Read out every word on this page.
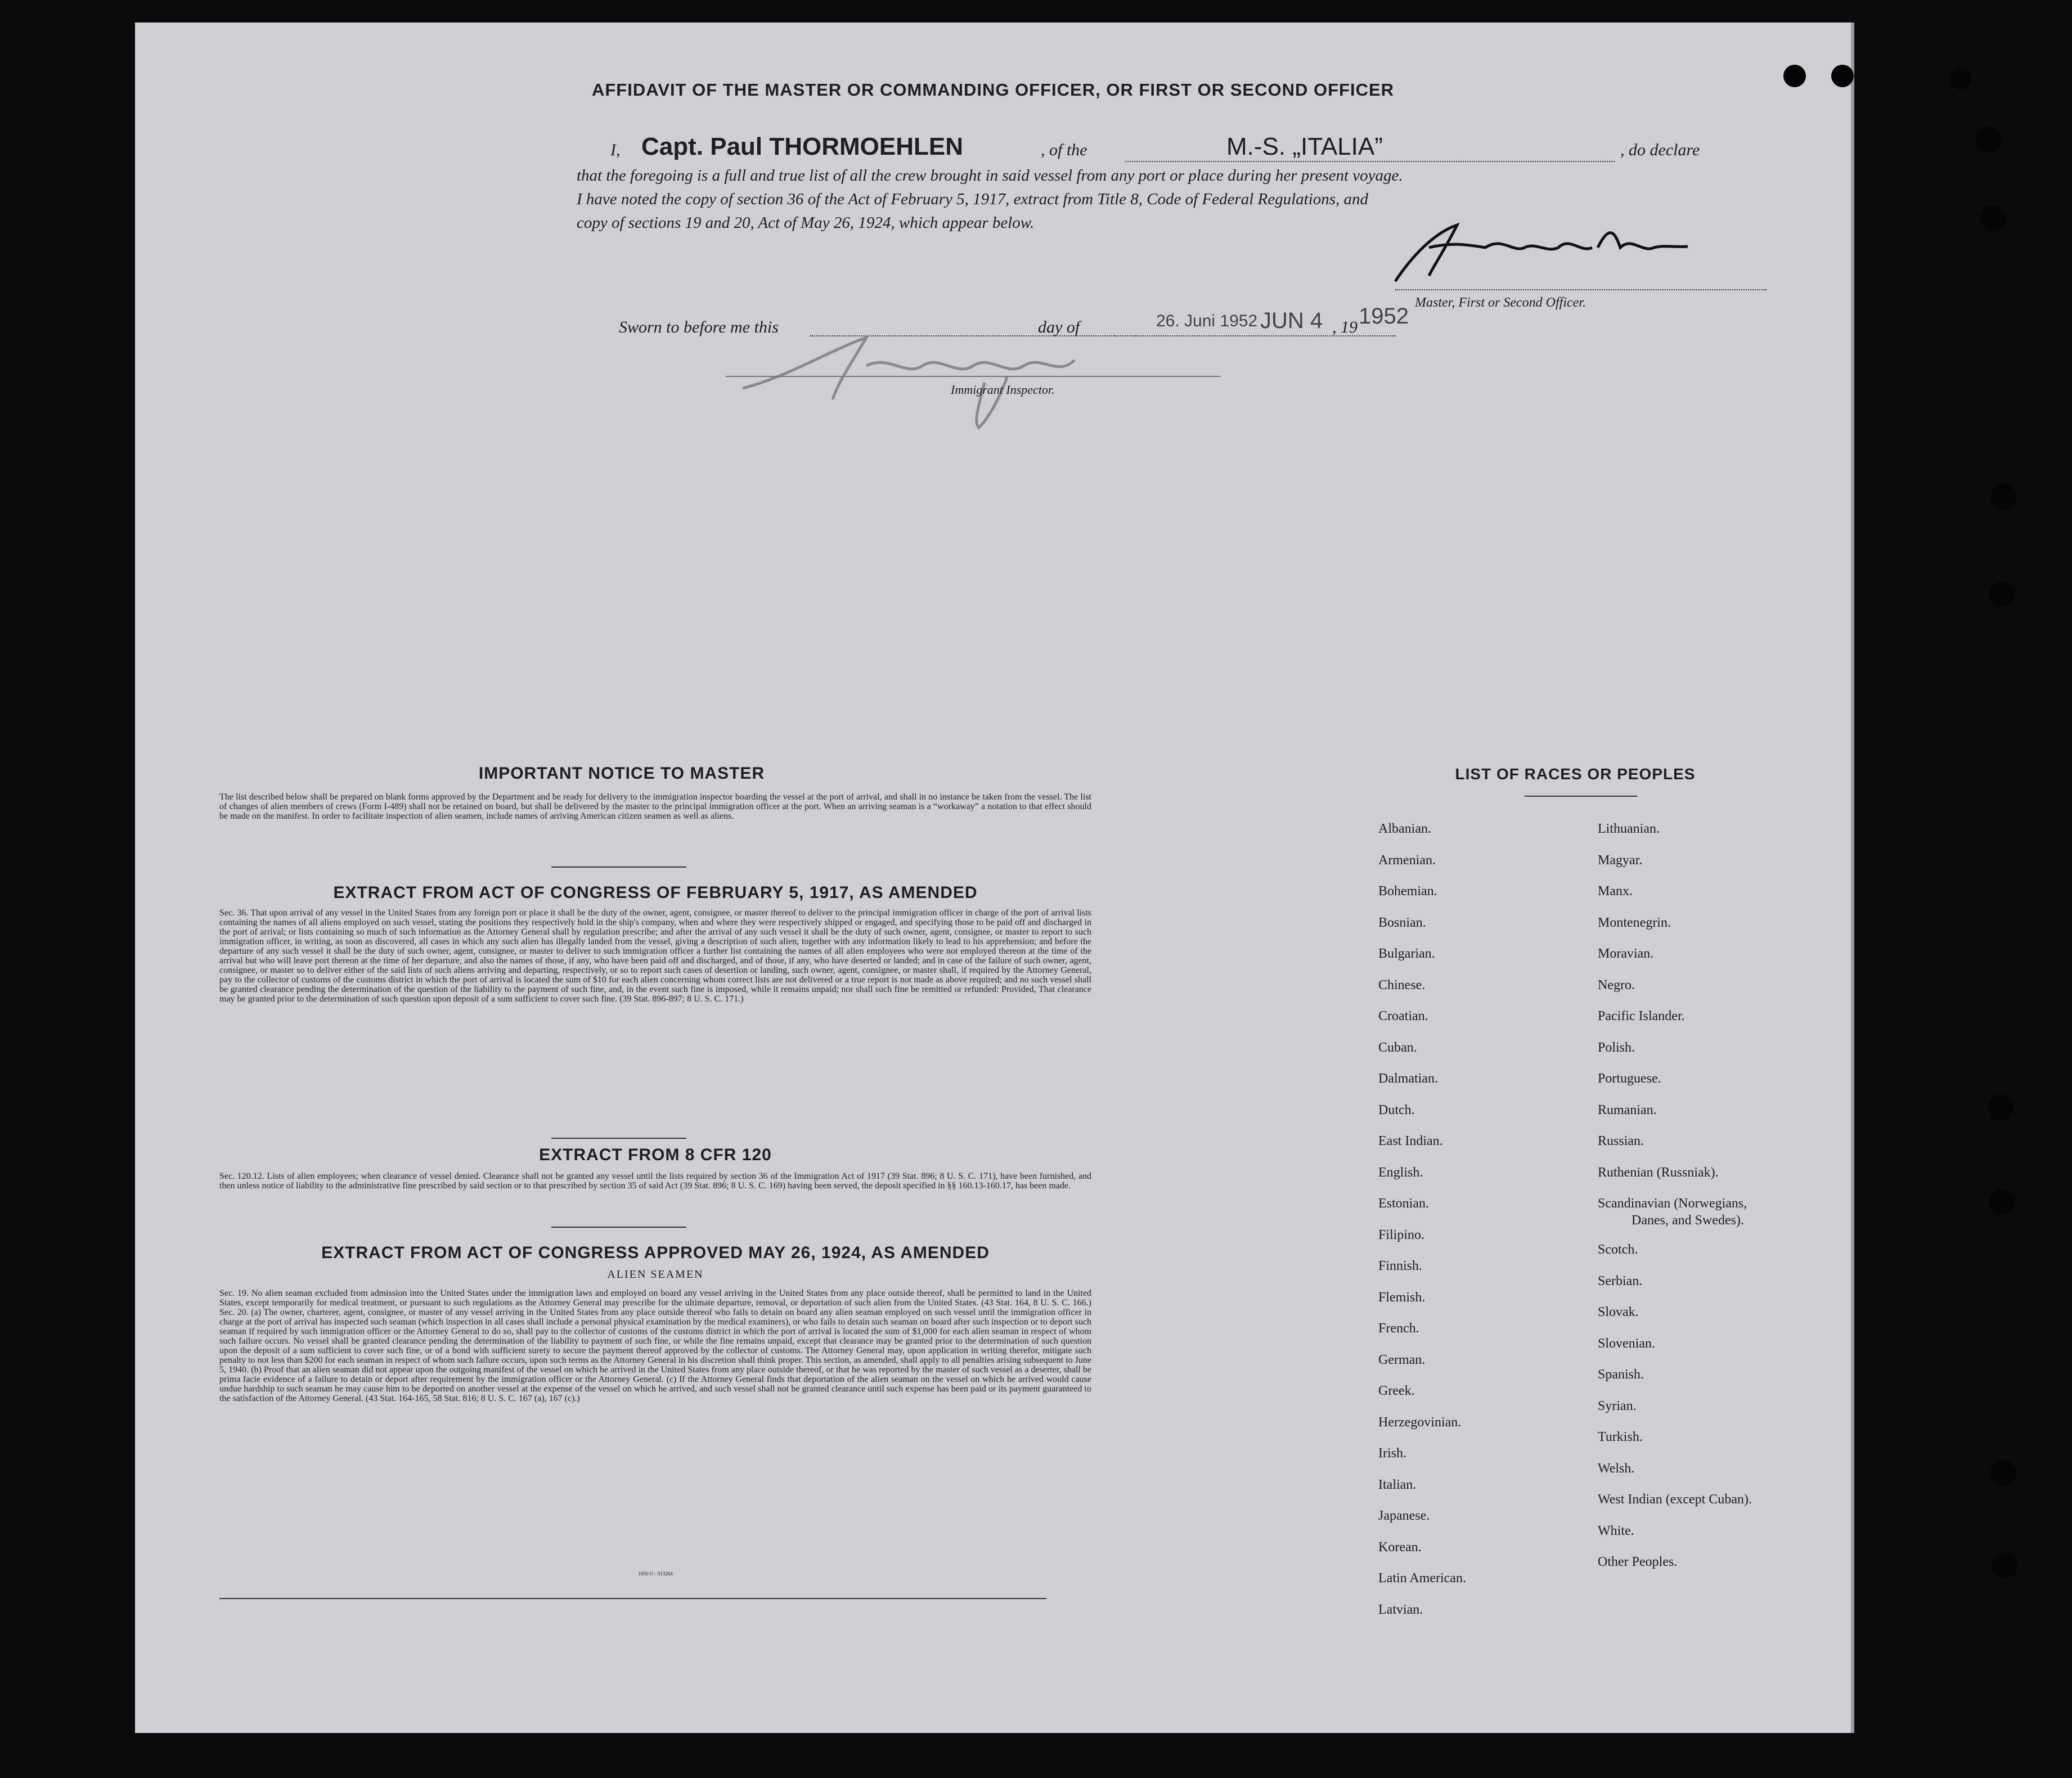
AFFIDAVIT OF THE MASTER OR COMMANDING OFFICER, OR FIRST OR SECOND OFFICER
I, Capt. Paul THORMOEHLEN	, of the	M.-S. „ITALIA”	, do declare
that the foregoing is a full and true list of all the crew brought in said vessel from any port or place during her present voyage.
I have noted the copy of section 36 of the Act of February 5, 1917, extract from Title 8, Code of Federal Regulations, and
copy of sections 19 and 20, Act of May 26, 1924, which appear below.
Master, First or Second Officer.
Sworn to before me this	day of	26. Juni 1952 JUN 4 , 19 1952
Immigrant Inspector.
IMPORTANT NOTICE TO MASTER
The list described below shall be prepared on blank forms approved by the Department and be ready for delivery to the immigration inspector boarding the vessel at the port of arrival, and shall in no instance be taken from the vessel. The list of changes of alien members of crews (Form I-489) shall not be retained on board, but shall be delivered by the master to the principal immigration officer at the port. When an arriving seaman is a “workaway” a notation to that effect should be made on the manifest. In order to facilitate inspection of alien seamen, include names of arriving American citizen seamen as well as aliens.
EXTRACT FROM ACT OF CONGRESS OF FEBRUARY 5, 1917, AS AMENDED
Sec. 36. That upon arrival of any vessel in the United States from any foreign port or place it shall be the duty of the owner, agent, consignee, or master thereof to deliver to the principal immigration officer in charge of the port of arrival lists containing the names of all aliens employed on such vessel, stating the positions they respectively hold in the ship's company, when and where they were respectively shipped or engaged, and specifying those to be paid off and discharged in the port of arrival; or lists containing so much of such information as the Attorney General shall by regulation prescribe; and after the arrival of any such vessel it shall be the duty of such owner, agent, consignee, or master to report to such immigration officer, in writing, as soon as discovered, all cases in which any such alien has illegally landed from the vessel, giving a description of such alien, together with any information likely to lead to his apprehension; and before the departure of any such vessel it shall be the duty of such owner, agent, consignee, or master to deliver to such immigration officer a further list containing the names of all alien employees who were not employed thereon at the time of the arrival but who will leave port thereon at the time of her departure, and also the names of those, if any, who have been paid off and discharged, and of those, if any, who have deserted or landed; and in case of the failure of such owner, agent, consignee, or master so to deliver either of the said lists of such aliens arriving and departing, respectively, or so to report such cases of desertion or landing, such owner, agent, consignee, or master shall, if required by the Attorney General, pay to the collector of customs of the customs district in which the port of arrival is located the sum of $10 for each alien concerning whom correct lists are not delivered or a true report is not made as above required; and no such vessel shall be granted clearance pending the determination of the question of the liability to the payment of such fine, and, in the event such fine is imposed, while it remains unpaid; nor shall such fine be remitted or refunded: Provided, That clearance may be granted prior to the determination of such question upon deposit of a sum sufficient to cover such fine. (39 Stat. 896-897; 8 U. S. C. 171.)
EXTRACT FROM 8 CFR 120
Sec. 120.12. Lists of alien employees; when clearance of vessel denied. Clearance shall not be granted any vessel until the lists required by section 36 of the Immigration Act of 1917 (39 Stat. 896; 8 U. S. C. 171), have been furnished, and then unless notice of liability to the administrative fine prescribed by said section or to that prescribed by section 35 of said Act (39 Stat. 896; 8 U. S. C. 169) having been served, the deposit specified in §§ 160.13-160.17, has been made.
EXTRACT FROM ACT OF CONGRESS APPROVED MAY 26, 1924, AS AMENDED
ALIEN SEAMEN
Sec. 19. No alien seaman excluded from admission into the United States under the immigration laws and employed on board any vessel arriving in the United States from any place outside thereof, shall be permitted to land in the United States, except temporarily for medical treatment, or pursuant to such regulations as the Attorney General may prescribe for the ultimate departure, removal, or deportation of such alien from the United States. (43 Stat. 164, 8 U. S. C. 166.) Sec. 20. (a) The owner, charterer, agent, consignee, or master of any vessel arriving in the United States from any place outside thereof who fails to detain on board any alien seaman employed on such vessel until the immigration officer in charge at the port of arrival has inspected such seaman (which inspection in all cases shall include a personal physical examination by the medical examiners), or who fails to detain such seaman on board after such inspection or to deport such seaman if required by such immigration officer or the Attorney General to do so, shall pay to the collector of customs of the customs district in which the port of arrival is located the sum of $1,000 for each alien seaman in respect of whom such failure occurs. No vessel shall be granted clearance pending the determination of the liability to payment of such fine, or while the fine remains unpaid, except that clearance may be granted prior to the determination of such question upon the deposit of a sum sufficient to cover such fine, or of a bond with sufficient surety to secure the payment thereof approved by the collector of customs. The Attorney General may, upon application in writing therefor, mitigate such penalty to not less than $200 for each seaman in respect of whom such failure occurs, upon such terms as the Attorney General in his discretion shall think proper. This section, as amended, shall apply to all penalties arising subsequent to June 5, 1940. (b) Proof that an alien seaman did not appear upon the outgoing manifest of the vessel on which he arrived in the United States from any place outside thereof, or that he was reported by the master of such vessel as a deserter, shall be prima facie evidence of a failure to detain or deport after requirement by the immigration officer or the Attorney General. (c) If the Attorney General finds that deportation of the alien seaman on the vessel on which he arrived would cause undue hardship to such seaman he may cause him to be deported on another vessel at the expense of the vessel on which he arrived, and such vessel shall not be granted clearance until such expense has been paid or its payment guaranteed to the satisfaction of the Attorney General. (43 Stat. 164-165, 58 Stat. 816; 8 U. S. C. 167 (a), 167 (c).)
1950 O - 913284
LIST OF RACES OR PEOPLES
Albanian.
Armenian.
Bohemian.
Bosnian.
Bulgarian.
Chinese.
Croatian.
Cuban.
Dalmatian.
Dutch.
East Indian.
English.
Estonian.
Filipino.
Finnish.
Flemish.
French.
German.
Greek.
Herzegovinian.
Irish.
Italian.
Japanese.
Korean.
Latin American.
Latvian.
Lithuanian.
Magyar.
Manx.
Montenegrin.
Moravian.
Negro.
Pacific Islander.
Polish.
Portuguese.
Rumanian.
Russian.
Ruthenian (Russniak).
Scandinavian (Norwegians,
Danes, and Swedes).
Scotch.
Serbian.
Slovak.
Slovenian.
Spanish.
Syrian.
Turkish.
Welsh.
West Indian (except Cuban).
White.
Other Peoples.
